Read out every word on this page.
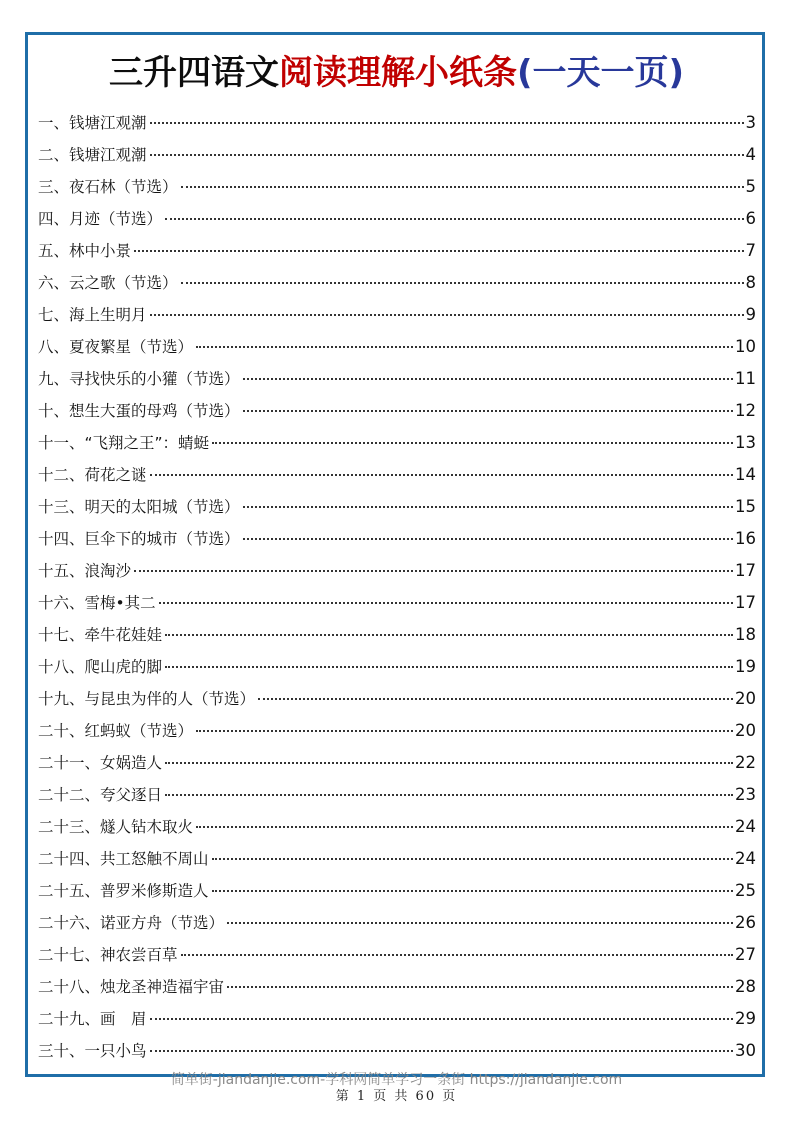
三升四语文阅读理解小纸条(一天一页)
一、钱塘江观潮	3
二、钱塘江观潮	4
三、夜石林（节选）	5
四、月迹（节选）	6
五、林中小景	7
六、云之歌（节选）	8
七、海上生明月	9
八、夏夜繁星（节选）	10
九、寻找快乐的小獾（节选）	11
十、想生大蛋的母鸡（节选）	12
十一、“飞翔之王”：蜻蜓	13
十二、荷花之谜	14
十三、明天的太阳城（节选）	15
十四、巨伞下的城市（节选）	16
十五、浪淘沙	17
十六、雪梅•其二	17
十七、牵牛花娃娃	18
十八、爬山虎的脚	19
十九、与昆虫为伴的人（节选）	20
二十、红蚂蚁（节选）	20
二十一、女娲造人	22
二十二、夸父逐日	23
二十三、燧人钻木取火	24
二十四、共工怒触不周山	24
二十五、普罗米修斯造人	25
二十六、诺亚方舟（节选）	26
二十七、神农尝百草	27
二十八、烛龙圣神造福宇宙	28
二十九、画　眉	29
三十、一只小鸟	30
简单街-jiandanjie.com-学科网简单学习一条街 https://jiandanjie.com
第 1 页 共 60 页
